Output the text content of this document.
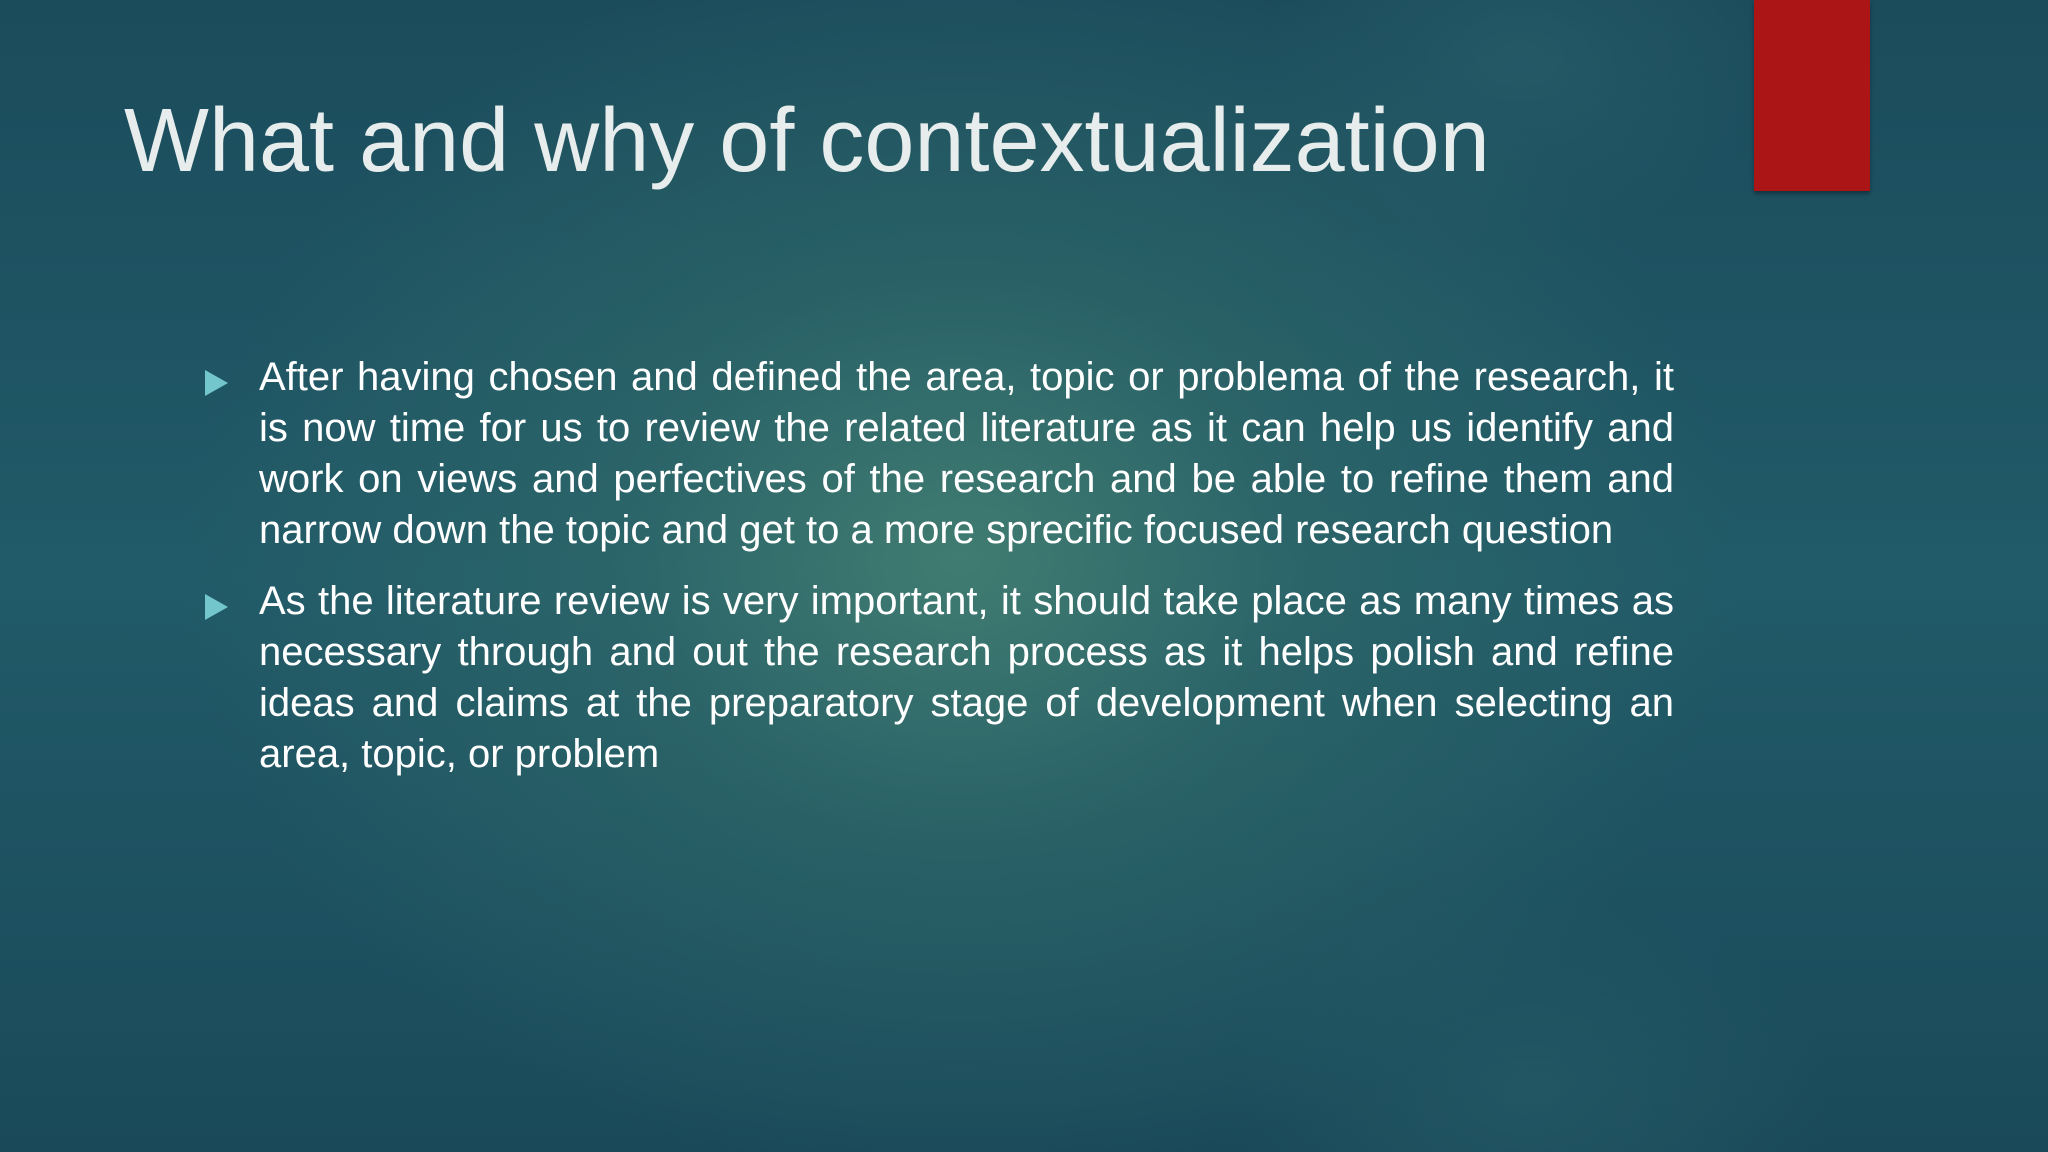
What and why of contextualization
After having chosen and defined the area, topic or problema of the research, it is now time for us to review the related literature as it can help us identify and work on views and perfectives of the research and be able to refine them and narrow down the topic and get to a more sprecific focused research question
As the literature review is very important, it should take place as many times as necessary through and out the research process as it helps polish and refine ideas and claims at the preparatory stage of development when selecting an area, topic, or problem
